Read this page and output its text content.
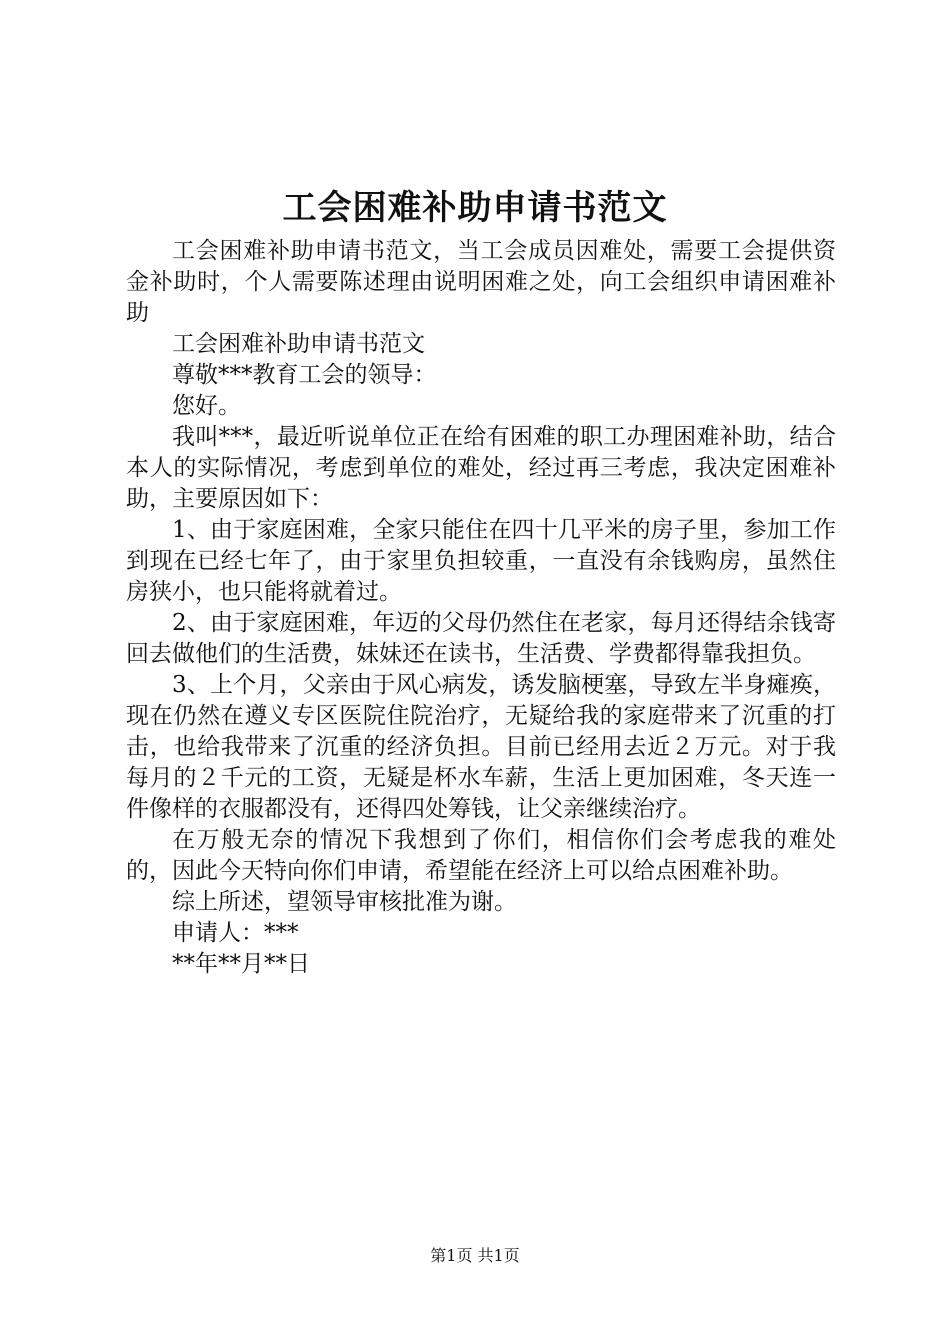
工会困难补助申请书范文

工会困难补助申请书范文，当工会成员因难处，需要工会提供资金补助时，个人需要陈述理由说明困难之处，向工会组织申请困难补助

工会困难补助申请书范文

尊敬***教育工会的领导：

您好。

我叫***，最近听说单位正在给有困难的职工办理困难补助，结合本人的实际情况，考虑到单位的难处，经过再三考虑，我决定困难补助，主要原因如下：

1、由于家庭困难，全家只能住在四十几平米的房子里，参加工作到现在已经七年了，由于家里负担较重，一直没有余钱购房，虽然住房狭小，也只能将就着过。

2、由于家庭困难，年迈的父母仍然住在老家，每月还得结余钱寄回去做他们的生活费，妹妹还在读书，生活费、学费都得靠我担负。

3、上个月，父亲由于风心病发，诱发脑梗塞，导致左半身瘫痪，现在仍然在遵义专区医院住院治疗，无疑给我的家庭带来了沉重的打击，也给我带来了沉重的经济负担。目前已经用去近２万元。对于我每月的２千元的工资，无疑是杯水车薪，生活上更加困难，冬天连一件像样的衣服都没有，还得四处筹钱，让父亲继续治疗。

在万般无奈的情况下我想到了你们，相信你们会考虑我的难处的，因此今天特向你们申请，希望能在经济上可以给点困难补助。

综上所述，望领导审核批准为谢。

申请人：***

**年**月**日

第1页 共1页
